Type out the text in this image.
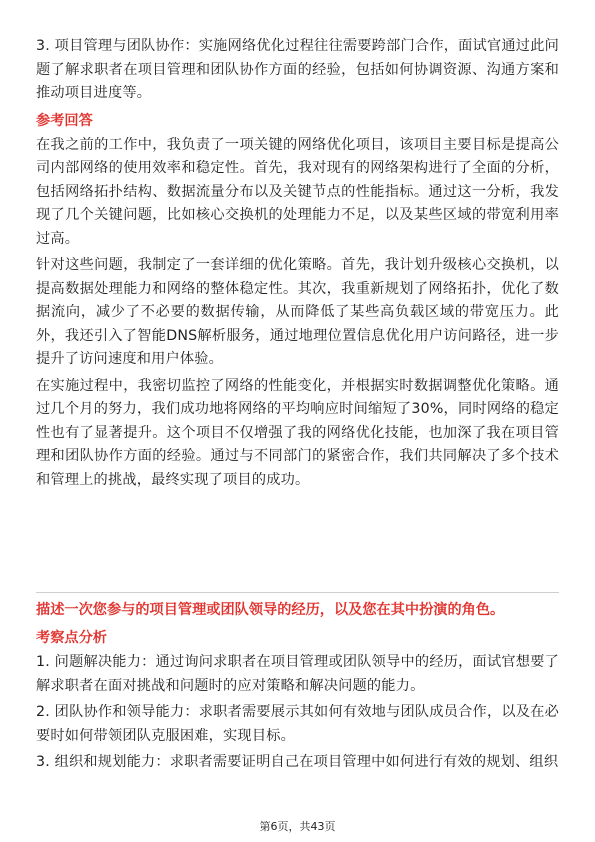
3. 项目管理与团队协作：实施网络优化过程往往需要跨部门合作，面试官通过此问题了解求职者在项目管理和团队协作方面的经验，包括如何协调资源、沟通方案和推动项目进度等。

参考回答

在我之前的工作中，我负责了一项关键的网络优化项目，该项目主要目标是提高公司内部网络的使用效率和稳定性。首先，我对现有的网络架构进行了全面的分析，包括网络拓扑结构、数据流量分布以及关键节点的性能指标。通过这一分析，我发现了几个关键问题，比如核心交换机的处理能力不足，以及某些区域的带宽利用率过高。

针对这些问题，我制定了一套详细的优化策略。首先，我计划升级核心交换机，以提高数据处理能力和网络的整体稳定性。其次，我重新规划了网络拓扑，优化了数据流向，减少了不必要的数据传输，从而降低了某些高负载区域的带宽压力。此外，我还引入了智能DNS解析服务，通过地理位置信息优化用户访问路径，进一步提升了访问速度和用户体验。

在实施过程中，我密切监控了网络的性能变化，并根据实时数据调整优化策略。通过几个月的努力，我们成功地将网络的平均响应时间缩短了30%，同时网络的稳定性也有了显著提升。这个项目不仅增强了我的网络优化技能，也加深了我在项目管理和团队协作方面的经验。通过与不同部门的紧密合作，我们共同解决了多个技术和管理上的挑战，最终实现了项目的成功。

描述一次您参与的项目管理或团队领导的经历，以及您在其中扮演的角色。
考察点分析

1. 问题解决能力：通过询问求职者在项目管理或团队领导中的经历，面试官想要了解求职者在面对挑战和问题时的应对策略和解决问题的能力。

2. 团队协作和领导能力：求职者需要展示其如何有效地与团队成员合作，以及在必要时如何带领团队克服困难，实现目标。

3. 组织和规划能力：求职者需要证明自己在项目管理中如何进行有效的规划、组织

第6页，共43页
